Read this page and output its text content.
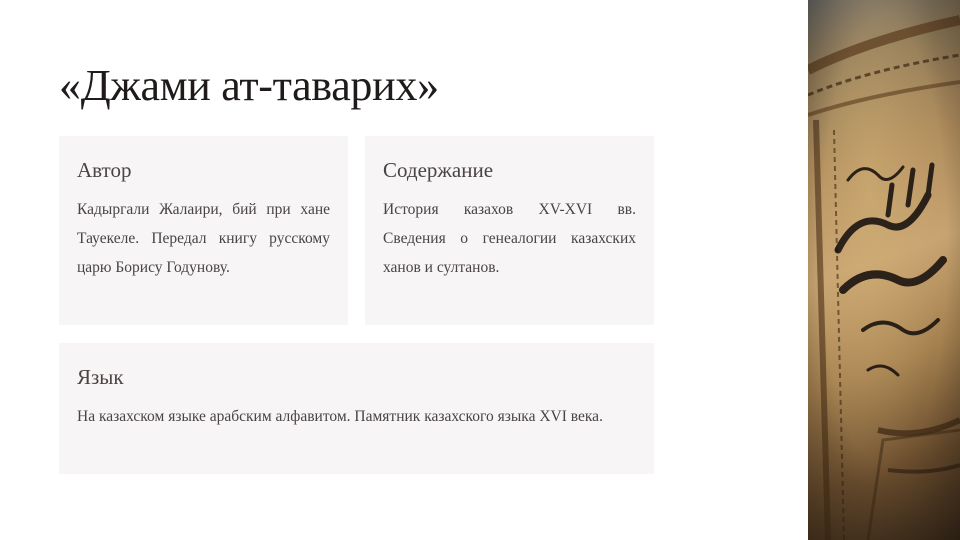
«Джами ат-таварих»
Автор

Кадыргали Жалаири, бий при хане Тауекеле. Передал книгу русскому царю Борису Годунову.

Содержание

История казахов XV-XVI вв. Сведения о генеалогии казахских ханов и султанов.

Язык

На казахском языке арабским алфавитом. Памятник казахского языка XVI века.
